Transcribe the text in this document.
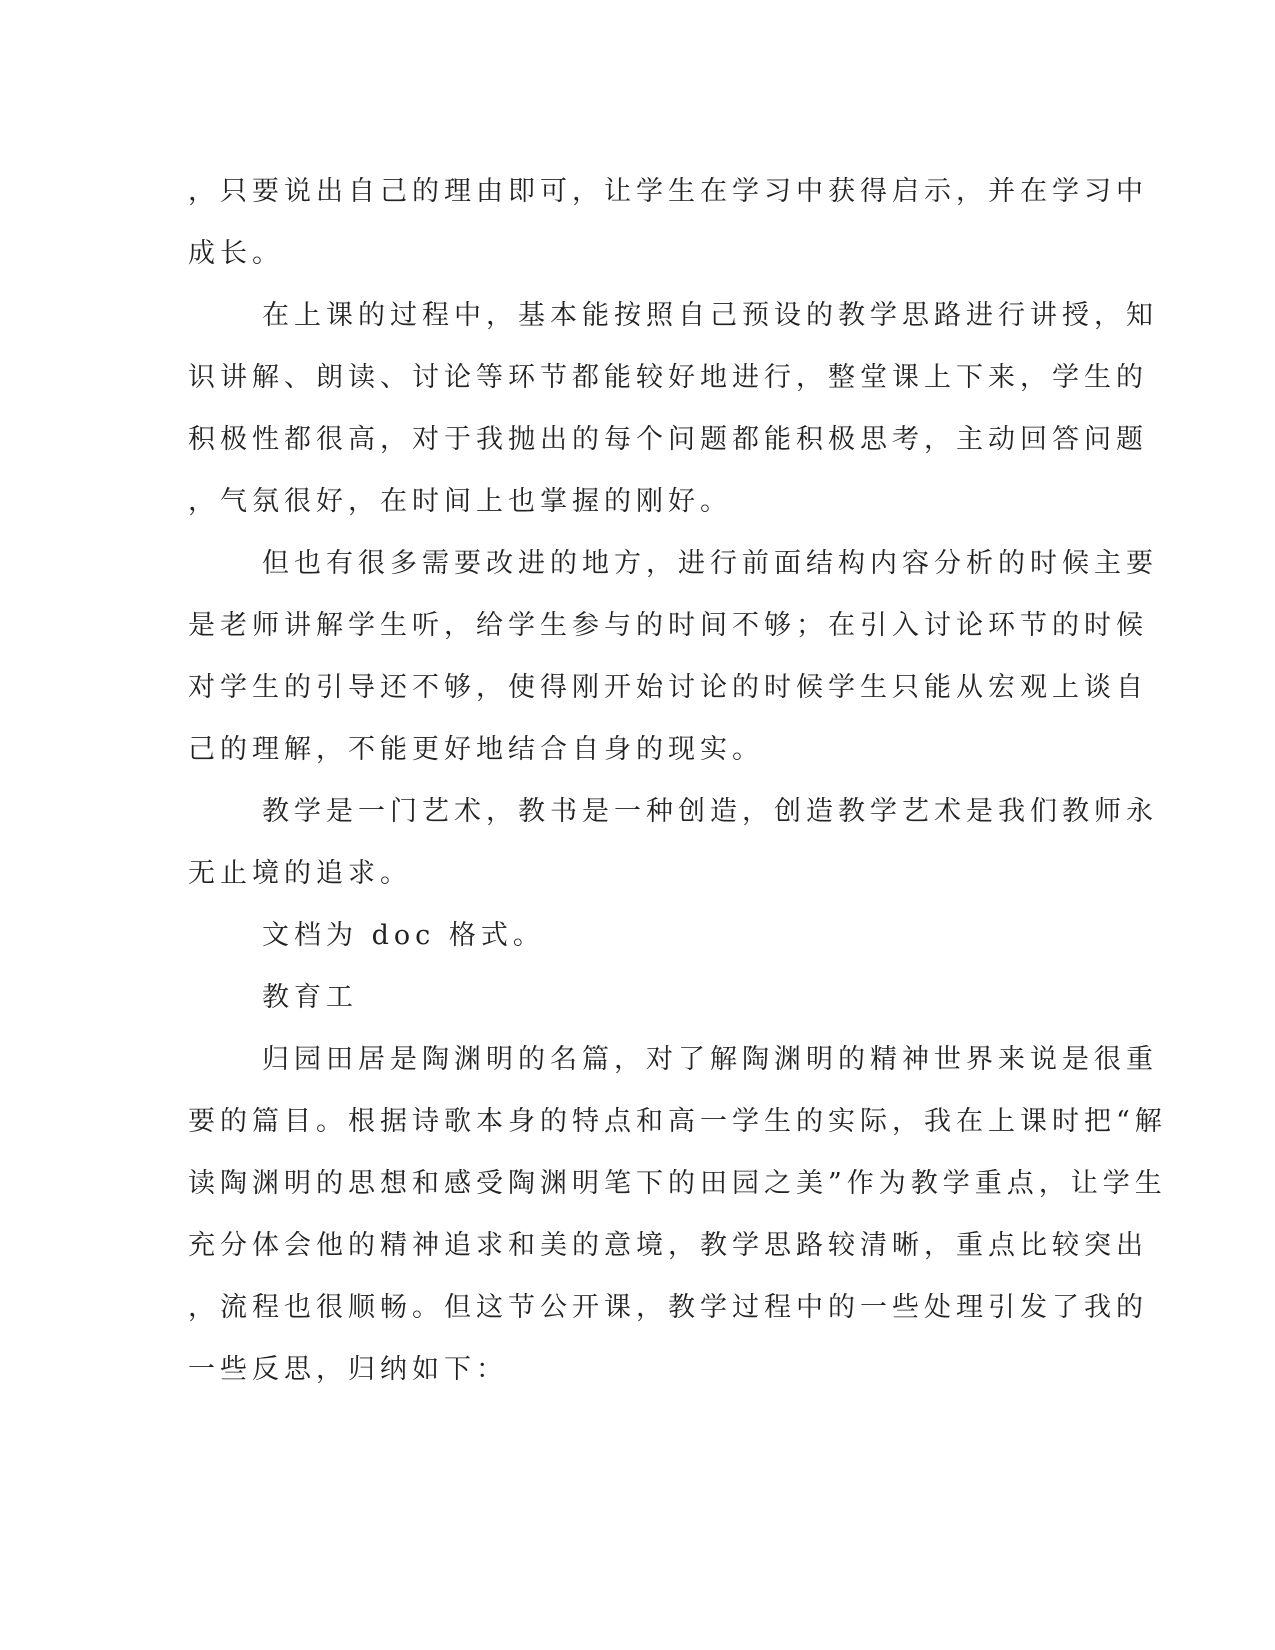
，只要说出自己的理由即可，让学生在学习中获得启示，并在学习中
成长。
在上课的过程中，基本能按照自己预设的教学思路进行讲授，知
识讲解、朗读、讨论等环节都能较好地进行，整堂课上下来，学生的
积极性都很高，对于我抛出的每个问题都能积极思考，主动回答问题
，气氛很好，在时间上也掌握的刚好。
但也有很多需要改进的地方，进行前面结构内容分析的时候主要
是老师讲解学生听，给学生参与的时间不够；在引入讨论环节的时候
对学生的引导还不够，使得刚开始讨论的时候学生只能从宏观上谈自
己的理解，不能更好地结合自身的现实。
教学是一门艺术，教书是一种创造，创造教学艺术是我们教师永
无止境的追求。
文档为 doc 格式。
教育工
归园田居是陶渊明的名篇，对了解陶渊明的精神世界来说是很重
要的篇目。根据诗歌本身的特点和高一学生的实际，我在上课时把“解
读陶渊明的思想和感受陶渊明笔下的田园之美”作为教学重点，让学生
充分体会他的精神追求和美的意境，教学思路较清晰，重点比较突出
，流程也很顺畅。但这节公开课，教学过程中的一些处理引发了我的
一些反思，归纳如下：
